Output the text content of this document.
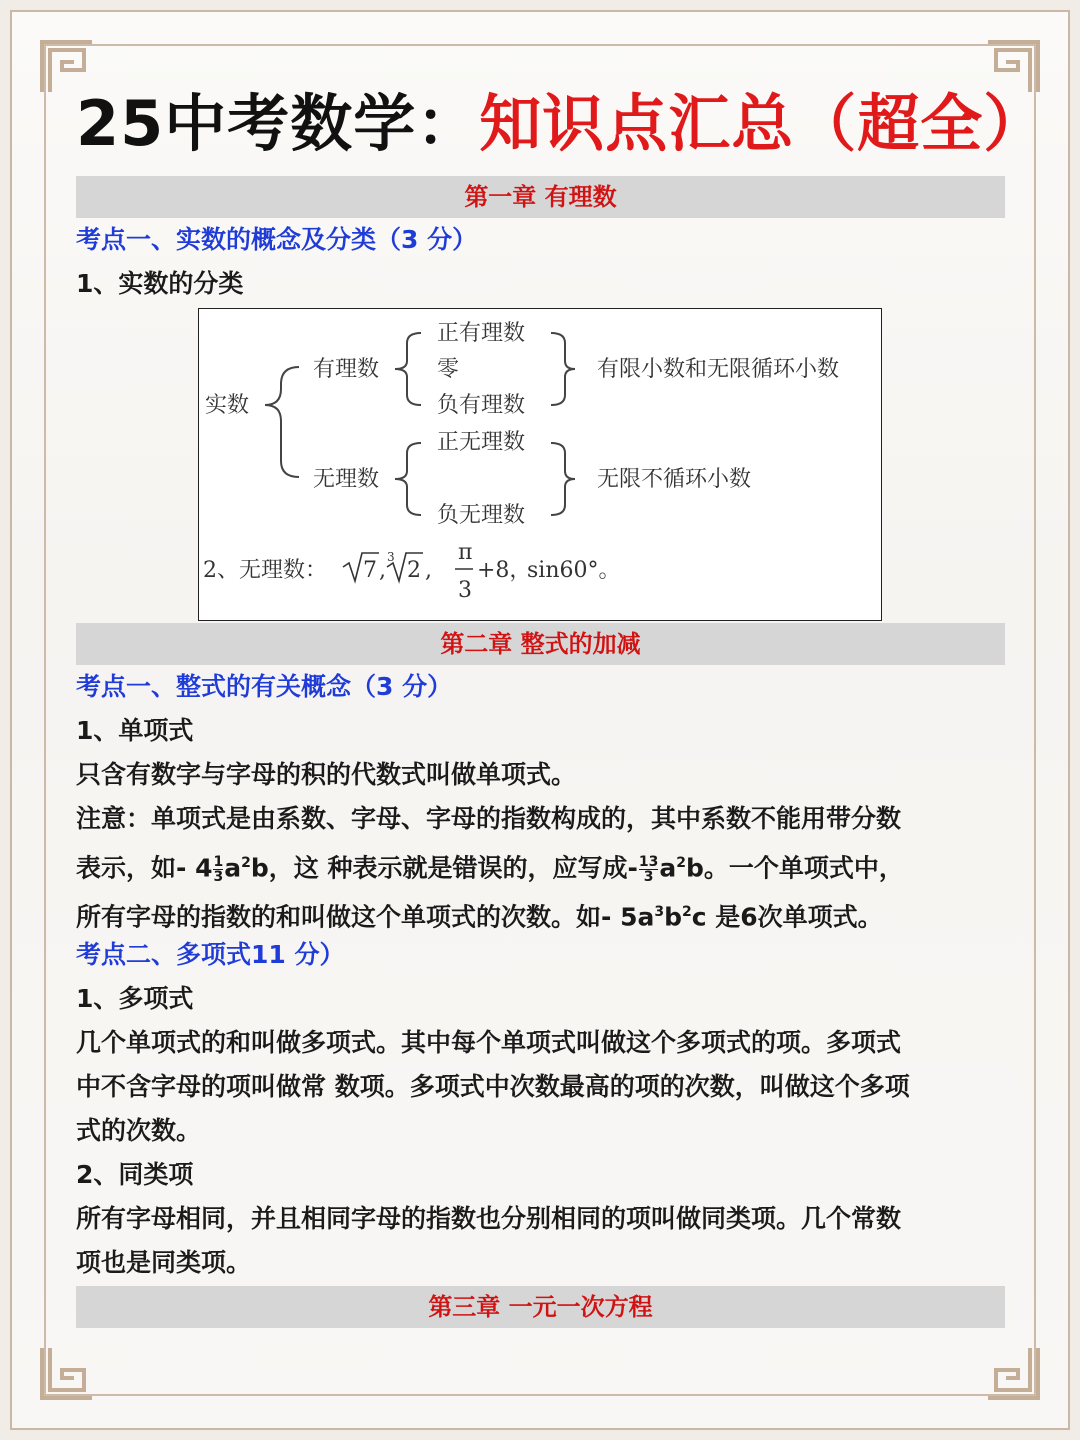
25中考数学：知识点汇总（超全）
第一章 有理数
考点一、实数的概念及分类（3 分）
1、实数的分类
实数
有理数
无理数
正有理数
零
负有理数
正无理数
负无理数
有限小数和无限循环小数
无限不循环小数
2、无理数： 7 ,
3
2 ,
π
3
+8，
sin60°。
第二章 整式的加减
考点一、整式的有关概念（3 分）
1、单项式

只含有数字与字母的积的代数式叫做单项式。

注意：单项式是由系数、字母、字母的指数构成的，其中系数不能用带分数
表示，如- $4 \frac{1}{3} a^2b$，这 种表示就是错误的，应写成- $\frac{13}{3} a^2b$。一个单项式中，
所有字母的指数的和叫做这个单项式的次数。如- $5a^3b^2c$ 是6次单项式。

考点二、多项式11 分）
1、多项式

几个单项式的和叫做多项式。其中每个单项式叫做这个多项式的项。多项式
中不含字母的项叫做常 数项。多项式中次数最高的项的次数，叫做这个多项
式的次数。

2、同类项

所有字母相同，并且相同字母的指数也分别相同的项叫做同类项。几个常数
项也是同类项。

第三章 一元一次方程
